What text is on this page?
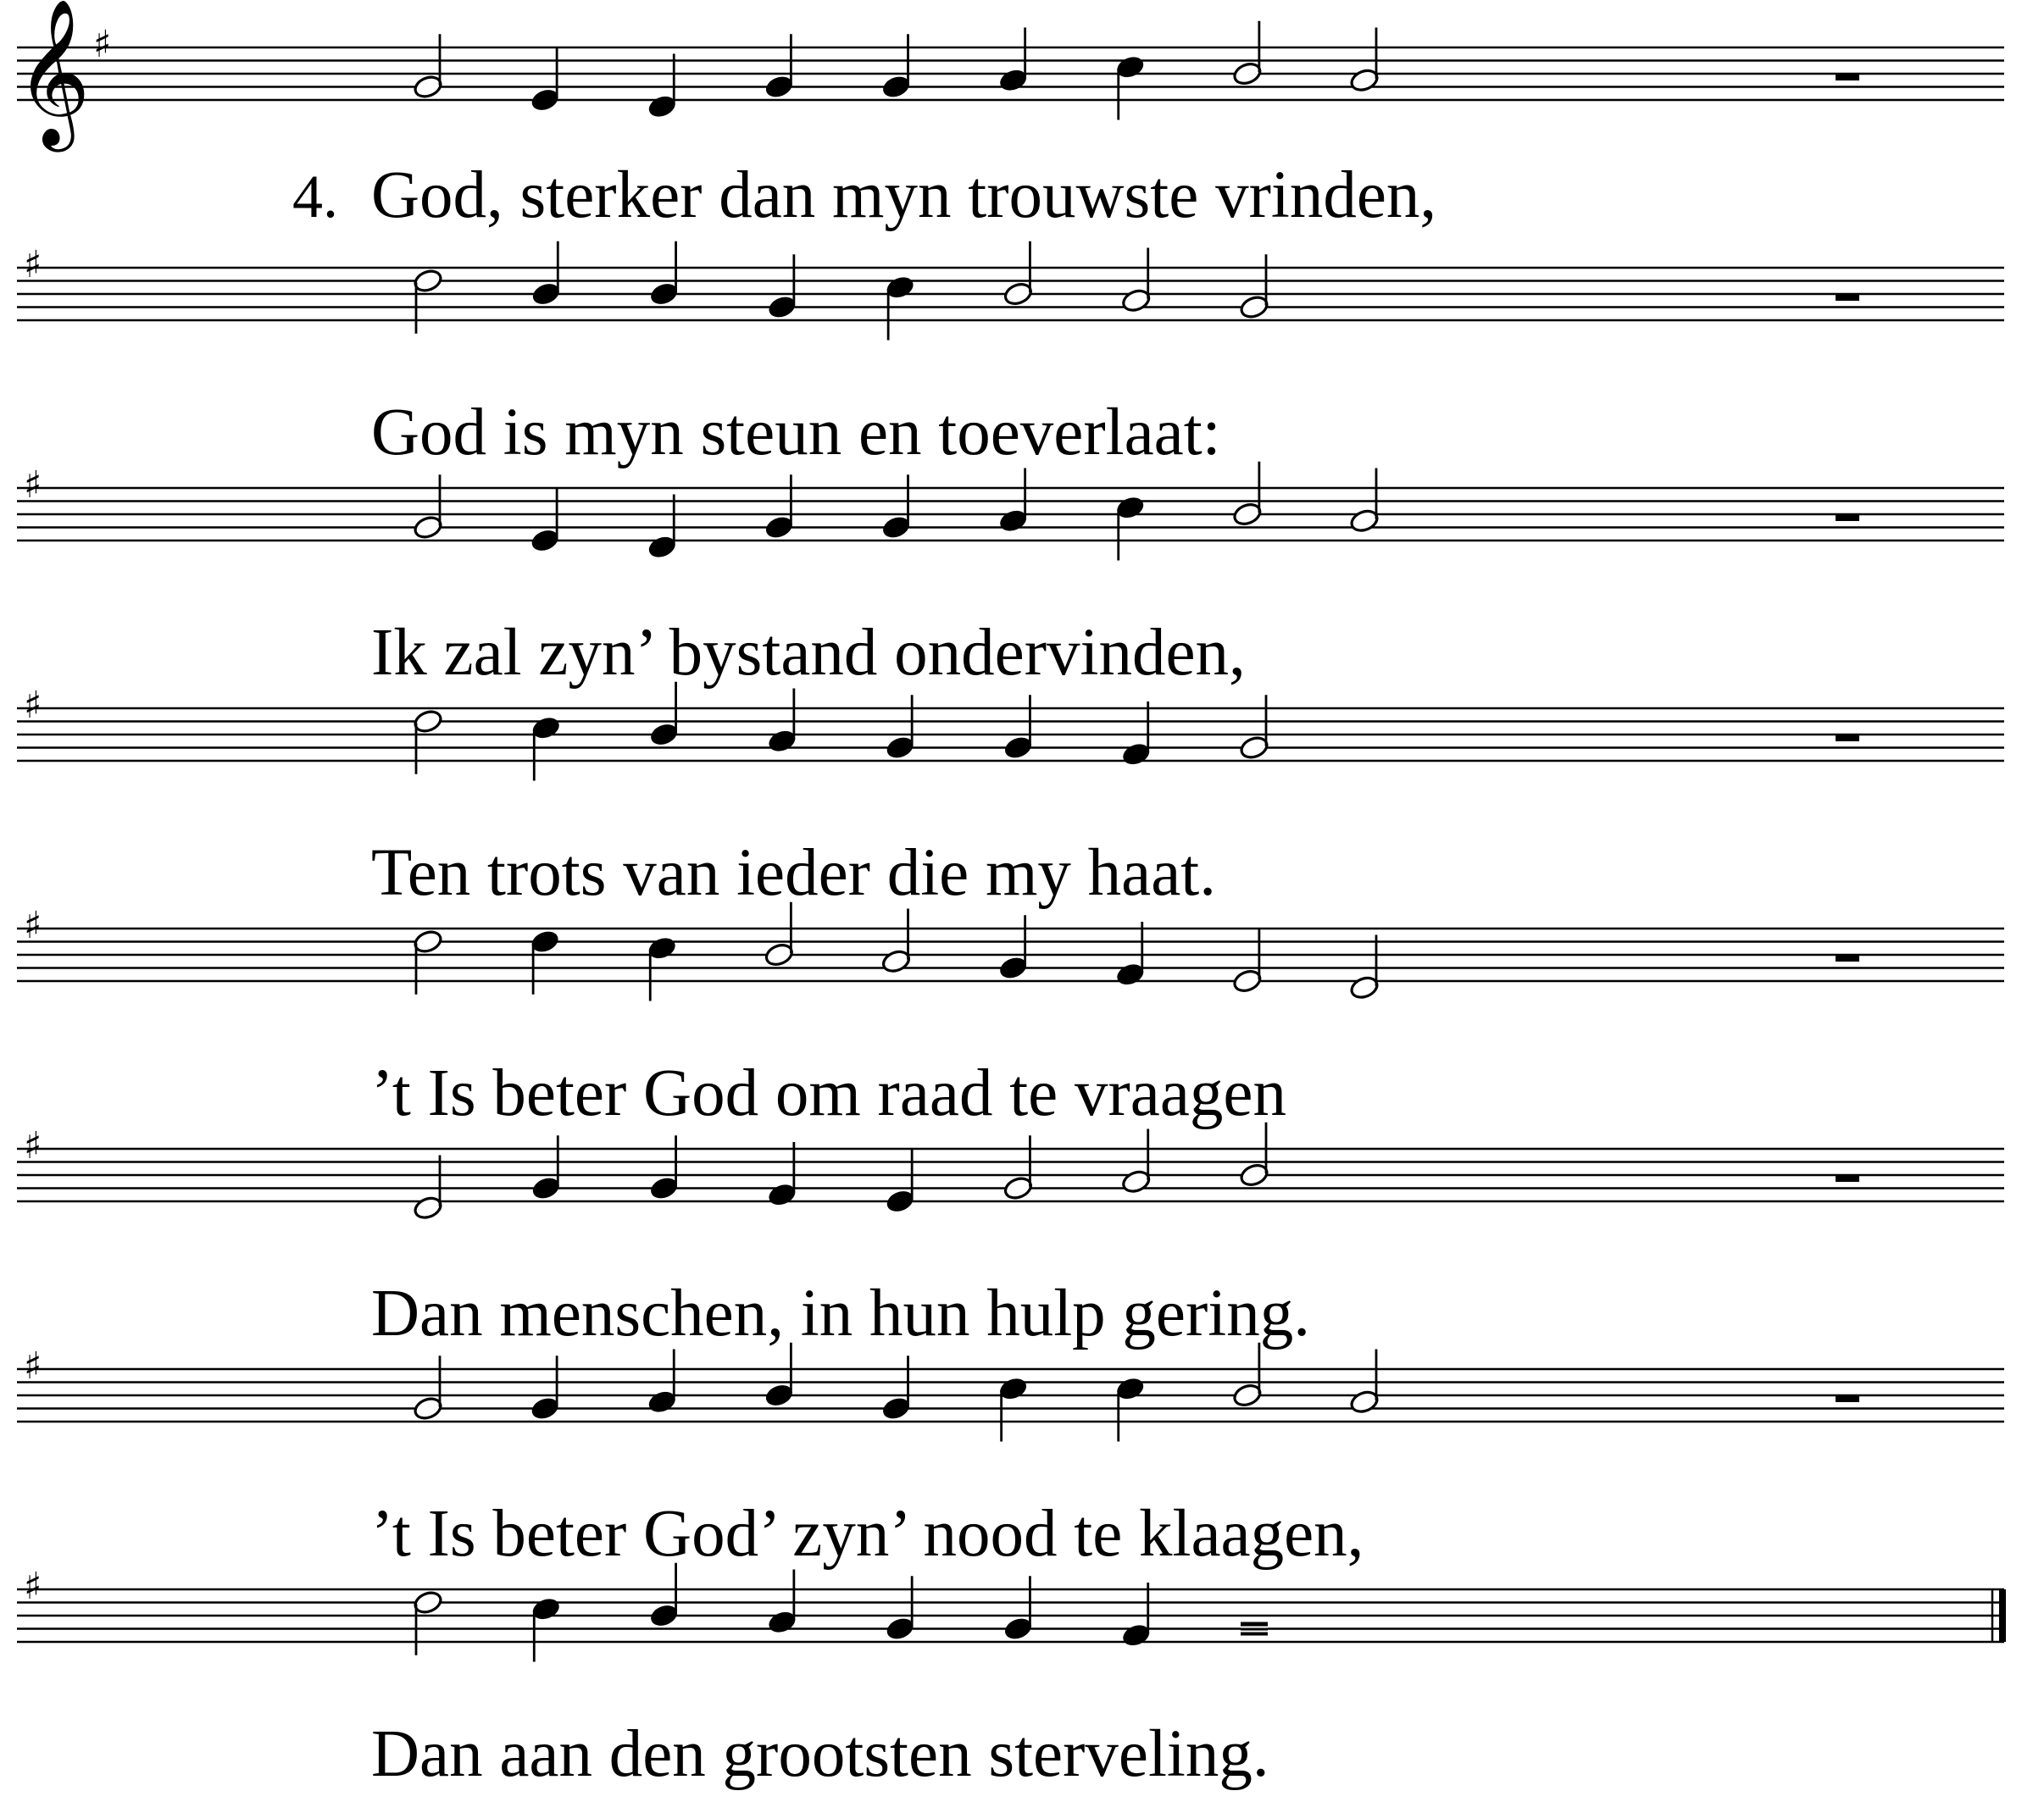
𝄞 ♯
4. God, sterker dan myn trouwste vrinden,
♯
God is myn steun en toeverlaat:
♯
Ik zal zyn’ bystand ondervinden,
♯
Ten trots van ieder die my haat.
♯
’t Is beter God om raad te vraagen
♯
Dan menschen, in hun hulp gering.
♯
’t Is beter God’ zyn’ nood te klaagen,
♯
Dan aan den grootsten sterveling.
